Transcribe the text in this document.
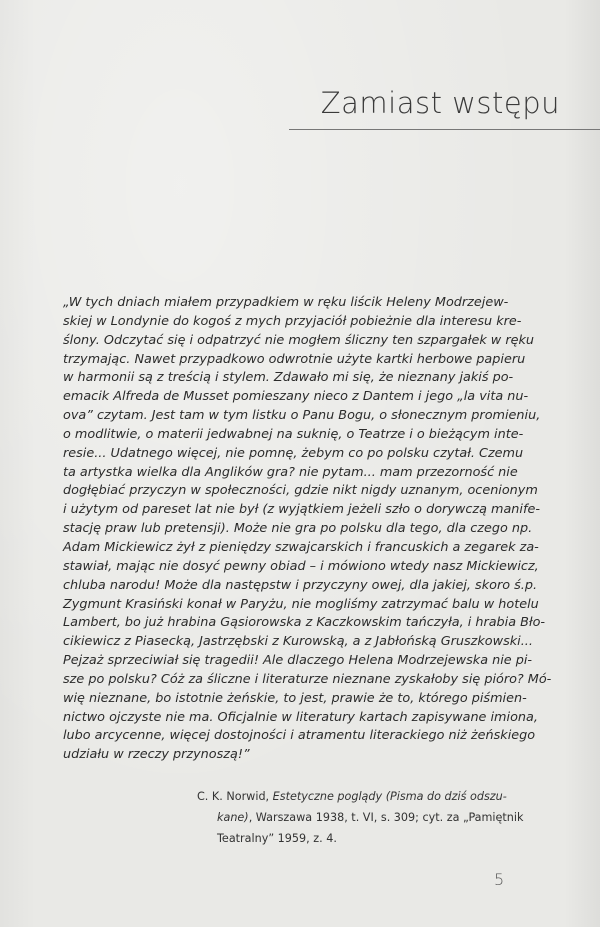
Zamiast wstępu
„W tych dniach miałem przypadkiem w ręku liścik Heleny Modrzejew-
skiej w Londynie do kogoś z mych przyjaciół pobieżnie dla interesu kre-
ślony. Odczytać się i odpatrzyć nie mogłem śliczny ten szpargałek w ręku
trzymając. Nawet przypadkowo odwrotnie użyte kartki herbowe papieru
w harmonii są z treścią i stylem. Zdawało mi się, że nieznany jakiś po-
emacik Alfreda de Musset pomieszany nieco z Dantem i jego „la vita nu-
ova” czytam. Jest tam w tym listku o Panu Bogu, o słonecznym promieniu,
o modlitwie, o materii jedwabnej na suknię, o Teatrze i o bieżącym inte-
resie... Udatnego więcej, nie pomnę, żebym co po polsku czytał. Czemu
ta artystka wielka dla Anglików gra? nie pytam... mam przezorność nie
dogłębiać przyczyn w społeczności, gdzie nikt nigdy uznanym, ocenionym
i użytym od pareset lat nie był (z wyjątkiem jeżeli szło o dorywczą manife-
stację praw lub pretensji). Może nie gra po polsku dla tego, dla czego np.
Adam Mickiewicz żył z pieniędzy szwajcarskich i francuskich a zegarek za-
stawiał, mając nie dosyć pewny obiad – i mówiono wtedy nasz Mickiewicz,
chluba narodu! Może dla następstw i przyczyny owej, dla jakiej, skoro ś.p.
Zygmunt Krasiński konał w Paryżu, nie mogliśmy zatrzymać balu w hotelu
Lambert, bo już hrabina Gąsiorowska z Kaczkowskim tańczyła, i hrabia Bło-
cikiewicz z Piasecką, Jastrzębski z Kurowską, a z Jabłońską Gruszkowski...
Pejzaż sprzeciwiał się tragedii! Ale dlaczego Helena Modrzejewska nie pi-
sze po polsku? Cóż za śliczne i literaturze nieznane zyskałoby się pióro? Mó-
wię nieznane, bo istotnie żeńskie, to jest, prawie że to, którego piśmien-
nictwo ojczyste nie ma. Oficjalnie w literatury kartach zapisywane imiona,
lubo arcycenne, więcej dostojności i atramentu literackiego niż żeńskiego
udziału w rzeczy przynoszą!”
C. K. Norwid, Estetyczne poglądy (Pisma do dziś odszu-
kane), Warszawa 1938, t. VI, s. 309; cyt. za „Pamiętnik
Teatralny” 1959, z. 4.
5
